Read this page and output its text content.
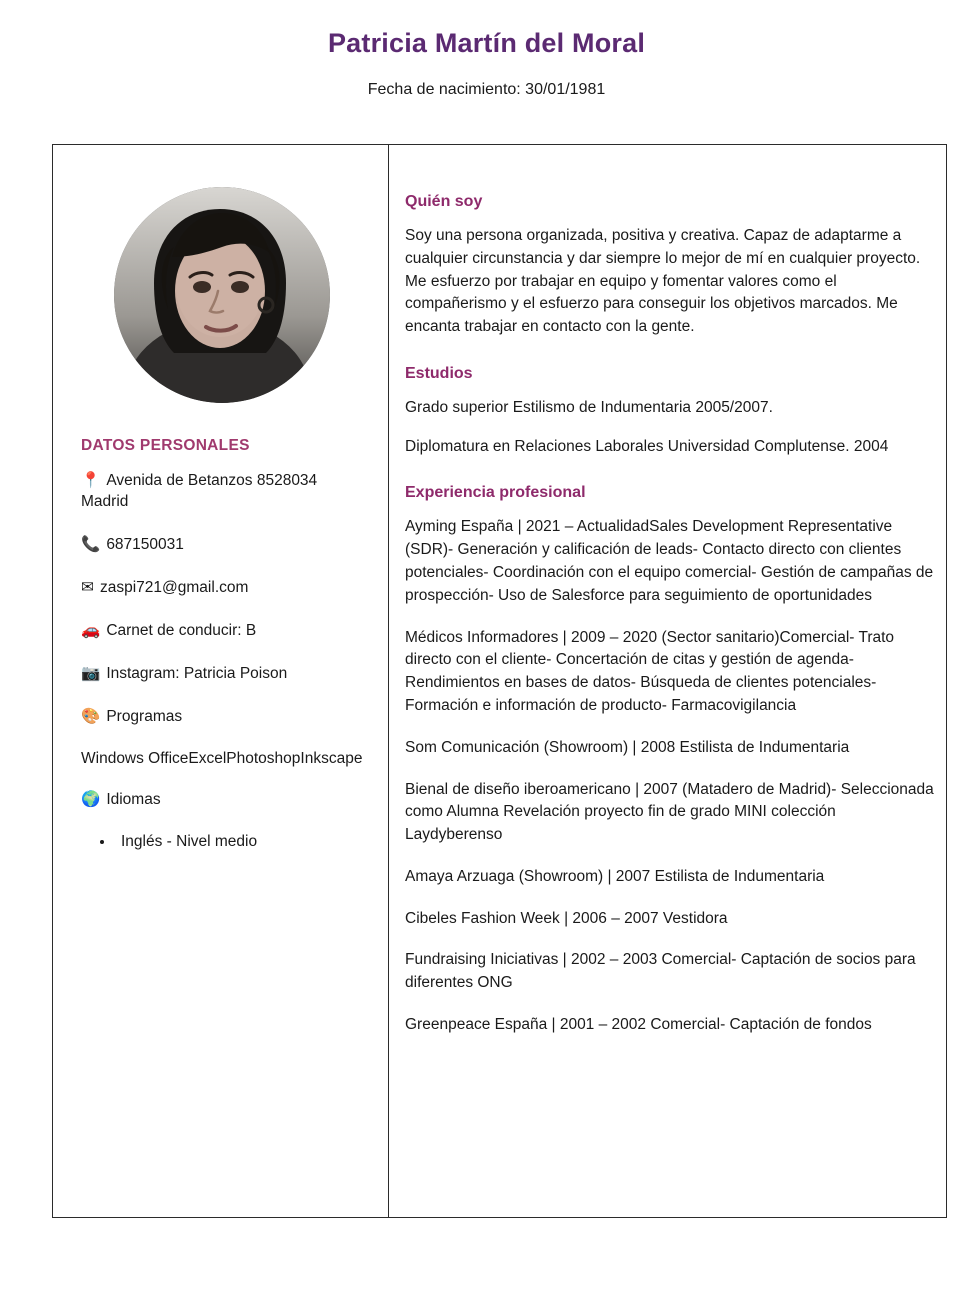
Patricia Martín del Moral
Fecha de nacimiento: 30/01/1981
DATOS PERSONALES
📍 Avenida de Betanzos 8528034 Madrid
📞 687150031
✉ zaspi721@gmail.com
🚗 Carnet de conducir: B
📷 Instagram: Patricia Poison
🎨 Programas
Windows OfficeExcelPhotoshopInkscape
🌍 Idiomas
• Inglés - Nivel medio
Quién soy
Soy una persona organizada, positiva y creativa. Capaz de adaptarme a cualquier circunstancia y dar siempre lo mejor de mí en cualquier proyecto. Me esfuerzo por trabajar en equipo y fomentar valores como el compañerismo y el esfuerzo para conseguir los objetivos marcados. Me encanta trabajar en contacto con la gente.
Estudios
Grado superior Estilismo de Indumentaria 2005/2007.
Diplomatura en Relaciones Laborales Universidad Complutense. 2004
Experiencia profesional
Ayming España | 2021 – ActualidadSales Development Representative (SDR)- Generación y calificación de leads- Contacto directo con clientes potenciales- Coordinación con el equipo comercial- Gestión de campañas de prospección- Uso de Salesforce para seguimiento de oportunidades
Médicos Informadores | 2009 – 2020 (Sector sanitario)Comercial- Trato directo con el cliente- Concertación de citas y gestión de agenda- Rendimientos en bases de datos- Búsqueda de clientes potenciales- Formación e información de producto- Farmacovigilancia
Som Comunicación (Showroom) | 2008 Estilista de Indumentaria
Bienal de diseño iberoamericano | 2007 (Matadero de Madrid)- Seleccionada como Alumna Revelación proyecto fin de grado MINI colección Laydyberenso
Amaya Arzuaga (Showroom) | 2007 Estilista de Indumentaria
Cibeles Fashion Week | 2006 – 2007 Vestidora
Fundraising Iniciativas | 2002 – 2003 Comercial- Captación de socios para diferentes ONG
Greenpeace España | 2001 – 2002 Comercial- Captación de fondos
